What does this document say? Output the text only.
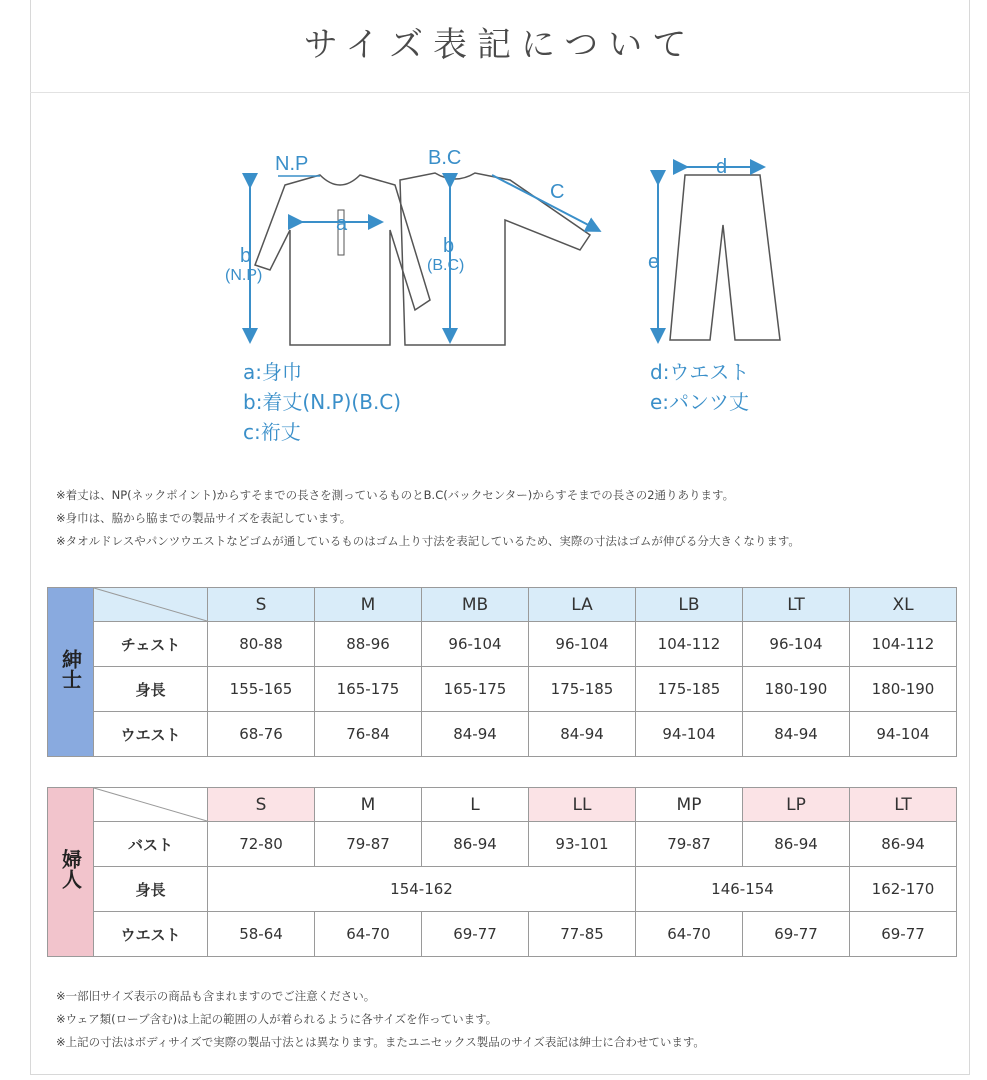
サイズ表記について
N.P	B.C
a
b
(N.P)
b
(B.C)
C
d
e
a:身巾
b:着丈(N.P)(B.C)
c:裄丈
d:ウエスト
e:パンツ丈
※着丈は、NP(ネックポイント)からすそまでの長さを測っているものとB.C(バックセンター)からすそまでの長さの2通りあります。
※身巾は、脇から脇までの製品サイズを表記しています。
※タオルドレスやパンツウエストなどゴムが通しているものはゴム上り寸法を表記しているため、実際の寸法はゴムが伸びる分大きくなります。
紳士		S	M	MB	LA	LB	LT	XL
	チェスト	80-88	88-96	96-104	96-104	104-112	96-104	104-112
	身長	155-165	165-175	165-175	175-185	175-185	180-190	180-190
	ウエスト	68-76	76-84	84-94	84-94	94-104	84-94	94-104
婦人		S	M	L	LL	MP	LP	LT
	バスト	72-80	79-87	86-94	93-101	79-87	86-94	86-94
	身長	154-162				146-154		162-170
	ウエスト	58-64	64-70	69-77	77-85	64-70	69-77	69-77
※一部旧サイズ表示の商品も含まれますのでご注意ください。
※ウェア類(ローブ含む)は上記の範囲の人が着られるように各サイズを作っています。
※上記の寸法はボディサイズで実際の製品寸法とは異なります。またユニセックス製品のサイズ表記は紳士に合わせています。
